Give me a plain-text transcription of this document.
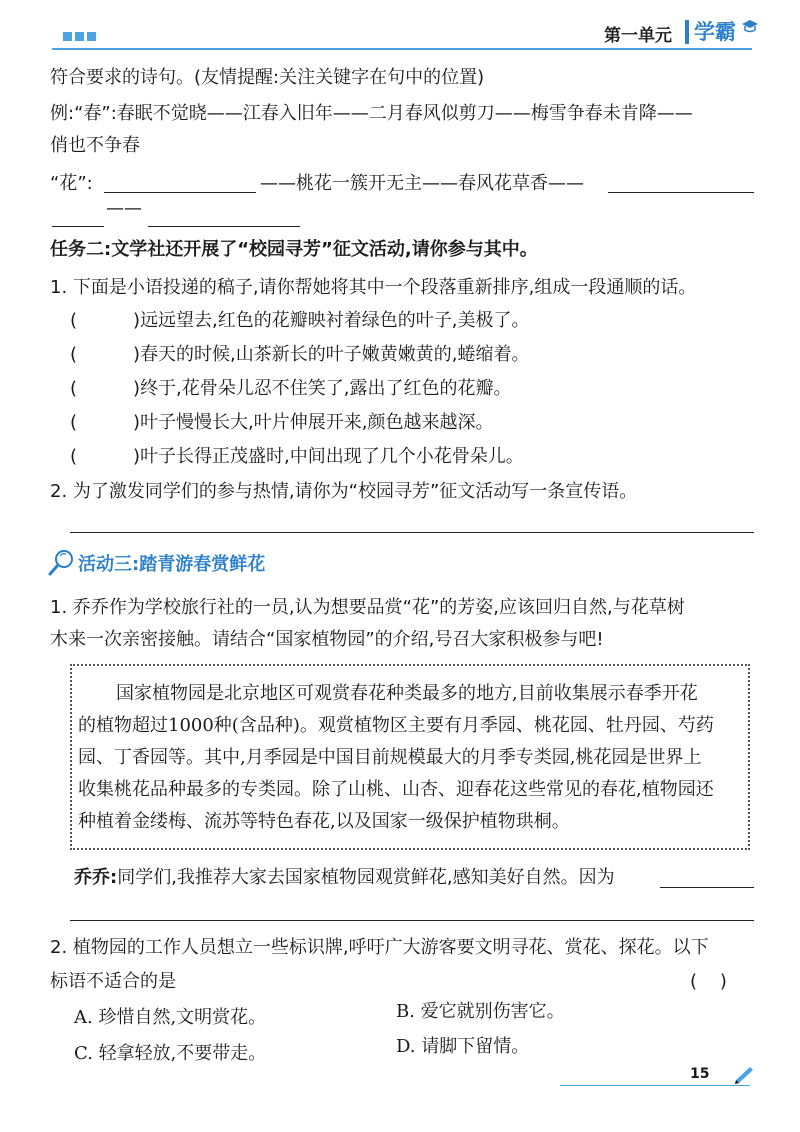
第一单元 学霸
符合要求的诗句。(友情提醒:关注关键字在句中的位置)
例:“春”:春眠不觉晓——江春入旧年——二月春风似剪刀——梅雪争春未肯降——
俏也不争春
“花”:	——桃花一簇开无主——春风花草香——
——
任务二:文学社还开展了“校园寻芳”征文活动,请你参与其中。
1. 下面是小语投递的稿子,请你帮她将其中一个段落重新排序,组成一段通顺的话。
(	)远远望去,红色的花瓣映衬着绿色的叶子,美极了。
(	)春天的时候,山茶新长的叶子嫩黄嫩黄的,蜷缩着。
(	)终于,花骨朵儿忍不住笑了,露出了红色的花瓣。
(	)叶子慢慢长大,叶片伸展开来,颜色越来越深。
(	)叶子长得正茂盛时,中间出现了几个小花骨朵儿。
2. 为了激发同学们的参与热情,请你为“校园寻芳”征文活动写一条宣传语。
活动三:踏青游春赏鲜花
1. 乔乔作为学校旅行社的一员,认为想要品赏“花”的芳姿,应该回归自然,与花草树
木来一次亲密接触。请结合“国家植物园”的介绍,号召大家积极参与吧!

国家植物园是北京地区可观赏春花种类最多的地方,目前收集展示春季开花

的植物超过1000种(含品种)。观赏植物区主要有月季园、桃花园、牡丹园、芍药

园、丁香园等。其中,月季园是中国目前规模最大的月季专类园,桃花园是世界上

收集桃花品种最多的专类园。除了山桃、山杏、迎春花这些常见的春花,植物园还

种植着金缕梅、流苏等特色春花,以及国家一级保护植物珙桐。

乔乔:同学们,我推荐大家去国家植物园观赏鲜花,感知美好自然。因为
2. 植物园的工作人员想立一些标识牌,呼吁广大游客要文明寻花、赏花、探花。以下
标语不适合的是	(    )
A. 珍惜自然,文明赏花。	B. 爱它就别伤害它。
C. 轻拿轻放,不要带走。	D. 请脚下留情。
15
